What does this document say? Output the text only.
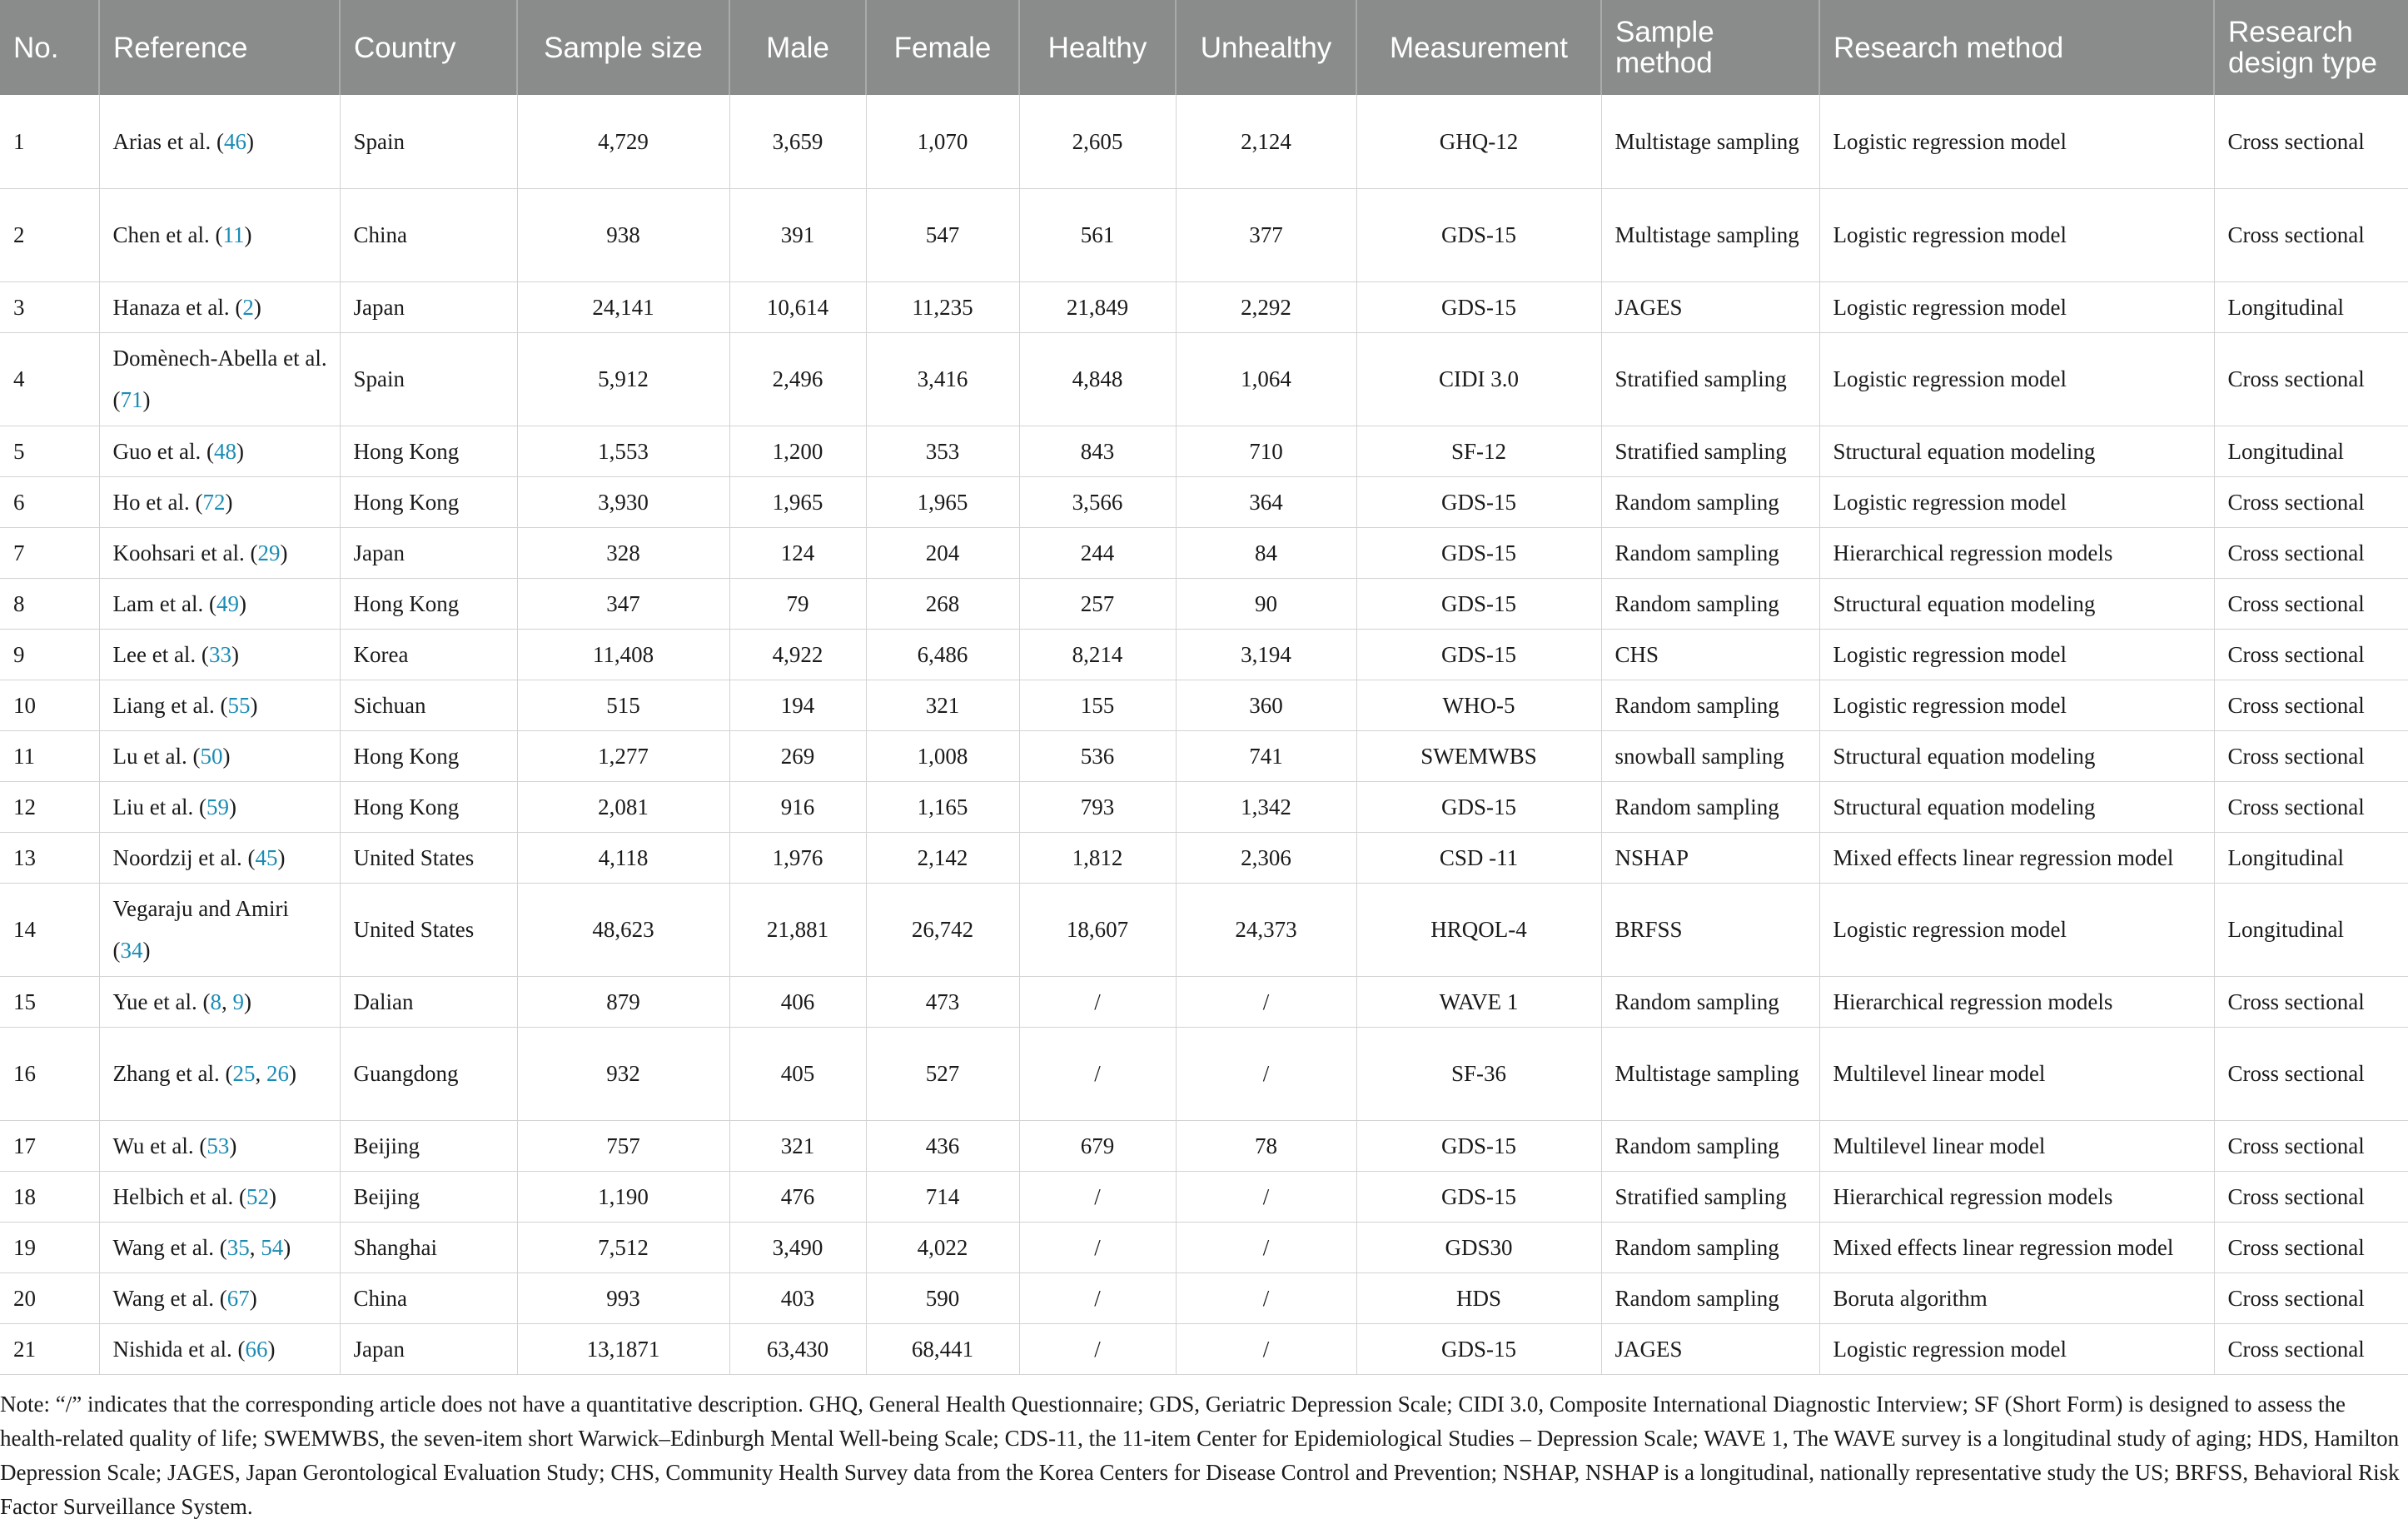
No.	Reference	Country	Sample size	Male	Female	Healthy	Unhealthy	Measurement	Sample method	Research method	Research design type
1	Arias et al. (46)	Spain	4,729	3,659	1,070	2,605	2,124	GHQ-12	Multistage sampling	Logistic regression model	Cross sectional
2	Chen et al. (11)	China	938	391	547	561	377	GDS-15	Multistage sampling	Logistic regression model	Cross sectional
3	Hanaza et al. (2)	Japan	24,141	10,614	11,235	21,849	2,292	GDS-15	JAGES	Logistic regression model	Longitudinal
4	Domènech-Abella et al. (71)	Spain	5,912	2,496	3,416	4,848	1,064	CIDI 3.0	Stratified sampling	Logistic regression model	Cross sectional
5	Guo et al. (48)	Hong Kong	1,553	1,200	353	843	710	SF-12	Stratified sampling	Structural equation modeling	Longitudinal
6	Ho et al. (72)	Hong Kong	3,930	1,965	1,965	3,566	364	GDS-15	Random sampling	Logistic regression model	Cross sectional
7	Koohsari et al. (29)	Japan	328	124	204	244	84	GDS-15	Random sampling	Hierarchical regression models	Cross sectional
8	Lam et al. (49)	Hong Kong	347	79	268	257	90	GDS-15	Random sampling	Structural equation modeling	Cross sectional
9	Lee et al. (33)	Korea	11,408	4,922	6,486	8,214	3,194	GDS-15	CHS	Logistic regression model	Cross sectional
10	Liang et al. (55)	Sichuan	515	194	321	155	360	WHO-5	Random sampling	Logistic regression model	Cross sectional
11	Lu et al. (50)	Hong Kong	1,277	269	1,008	536	741	SWEMWBS	snowball sampling	Structural equation modeling	Cross sectional
12	Liu et al. (59)	Hong Kong	2,081	916	1,165	793	1,342	GDS-15	Random sampling	Structural equation modeling	Cross sectional
13	Noordzij et al. (45)	United States	4,118	1,976	2,142	1,812	2,306	CSD -11	NSHAP	Mixed effects linear regression model	Longitudinal
14	Vegaraju and Amiri (34)	United States	48,623	21,881	26,742	18,607	24,373	HRQOL-4	BRFSS	Logistic regression model	Longitudinal
15	Yue et al. (8, 9)	Dalian	879	406	473	/	/	WAVE 1	Random sampling	Hierarchical regression models	Cross sectional
16	Zhang et al. (25, 26)	Guangdong	932	405	527	/	/	SF-36	Multistage sampling	Multilevel linear model	Cross sectional
17	Wu et al. (53)	Beijing	757	321	436	679	78	GDS-15	Random sampling	Multilevel linear model	Cross sectional
18	Helbich et al. (52)	Beijing	1,190	476	714	/	/	GDS-15	Stratified sampling	Hierarchical regression models	Cross sectional
19	Wang et al. (35, 54)	Shanghai	7,512	3,490	4,022	/	/	GDS30	Random sampling	Mixed effects linear regression model	Cross sectional
20	Wang et al. (67)	China	993	403	590	/	/	HDS	Random sampling	Boruta algorithm	Cross sectional
21	Nishida et al. (66)	Japan	13,1871	63,430	68,441	/	/	GDS-15	JAGES	Logistic regression model	Cross sectional
Note: “/” indicates that the corresponding article does not have a quantitative description. GHQ, General Health Questionnaire; GDS, Geriatric Depression Scale; CIDI 3.0, Composite International Diagnostic Interview; SF (Short Form) is designed to assess the health-related quality of life; SWEMWBS, the seven-item short Warwick–Edinburgh Mental Well-being Scale; CDS-11, the 11-item Center for Epidemiological Studies – Depression Scale; WAVE 1, The WAVE survey is a longitudinal study of aging; HDS, Hamilton Depression Scale; JAGES, Japan Gerontological Evaluation Study; CHS, Community Health Survey data from the Korea Centers for Disease Control and Prevention; NSHAP, NSHAP is a longitudinal, nationally representative study the US; BRFSS, Behavioral Risk Factor Surveillance System.
